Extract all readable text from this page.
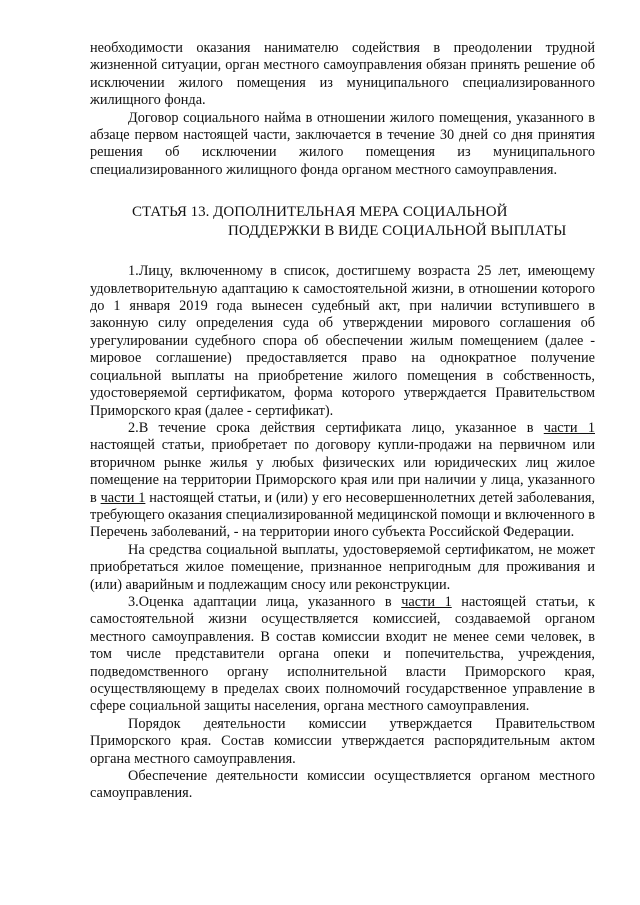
необходимости оказания нанимателю содействия в преодолении трудной жизненной ситуации, орган местного самоуправления обязан принять решение об исключении жилого помещения из муниципального специализированного жилищного фонда.

Договор социального найма в отношении жилого помещения, указанного в абзаце первом настоящей части, заключается в течение 30 дней со дня принятия решения об исключении жилого помещения из муниципального специализированного жилищного фонда органом местного самоуправления.

СТАТЬЯ 13. ДОПОЛНИТЕЛЬНАЯ МЕРА СОЦИАЛЬНОЙ
ПОДДЕРЖКИ В ВИДЕ СОЦИАЛЬНОЙ ВЫПЛАТЫ

1.Лицу, включенному в список, достигшему возраста 25 лет, имеющему удовлетворительную адаптацию к самостоятельной жизни, в отношении которого до 1 января 2019 года вынесен судебный акт, при наличии вступившего в законную силу определения суда об утверждении мирового соглашения об урегулировании судебного спора об обеспечении жилым помещением (далее - мировое соглашение) предоставляется право на однократное получение социальной выплаты на приобретение жилого помещения в собственность, удостоверяемой сертификатом, форма которого утверждается Правительством Приморского края (далее - сертификат).

2.В течение срока действия сертификата лицо, указанное в части 1 настоящей статьи, приобретает по договору купли-продажи на первичном или вторичном рынке жилья у любых физических или юридических лиц жилое помещение на территории Приморского края или при наличии у лица, указанного в части 1 настоящей статьи, и (или) у его несовершеннолетних детей заболевания, требующего оказания специализированной медицинской помощи и включенного в Перечень заболеваний, - на территории иного субъекта Российской Федерации.

На средства социальной выплаты, удостоверяемой сертификатом, не может приобретаться жилое помещение, признанное непригодным для проживания и (или) аварийным и подлежащим сносу или реконструкции.

3.Оценка адаптации лица, указанного в части 1 настоящей статьи, к самостоятельной жизни осуществляется комиссией, создаваемой органом местного самоуправления. В состав комиссии входит не менее семи человек, в том числе представители органа опеки и попечительства, учреждения, подведомственного органу исполнительной власти Приморского края, осуществляющему в пределах своих полномочий государственное управление в сфере социальной защиты населения, органа местного самоуправления.

Порядок деятельности комиссии утверждается Правительством Приморского края. Состав комиссии утверждается распорядительным актом органа местного самоуправления.

Обеспечение деятельности комиссии осуществляется органом местного самоуправления.
